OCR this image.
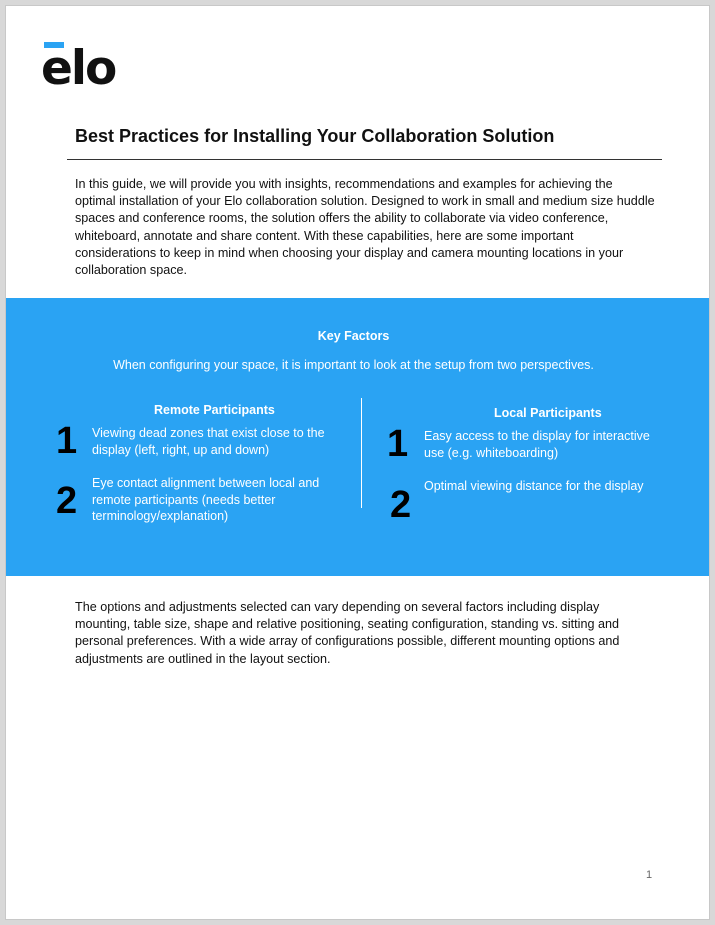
elo
Best Practices for Installing Your Collaboration Solution

In this guide, we will provide you with insights, recommendations and examples for achieving the optimal installation of your Elo collaboration solution. Designed to work in small and medium size huddle spaces and conference rooms, the solution offers the ability to collaborate via video conference, whiteboard, annotate and share content. With these capabilities, here are some important considerations to keep in mind when choosing your display and camera mounting locations in your collaboration space.

Key Factors
When configuring your space, it is important to look at the setup from two perspectives.
Remote Participants
1 Viewing dead zones that exist close to the display (left, right, up and down)
2 Eye contact alignment between local and remote participants (needs better terminology/explanation)
Local Participants
1 Easy access to the display for interactive use (e.g. whiteboarding)
2 Optimal viewing distance for the display

The options and adjustments selected can vary depending on several factors including display mounting, table size, shape and relative positioning, seating configuration, standing vs. sitting and personal preferences. With a wide array of configurations possible, different mounting options and adjustments are outlined in the layout section.

1
